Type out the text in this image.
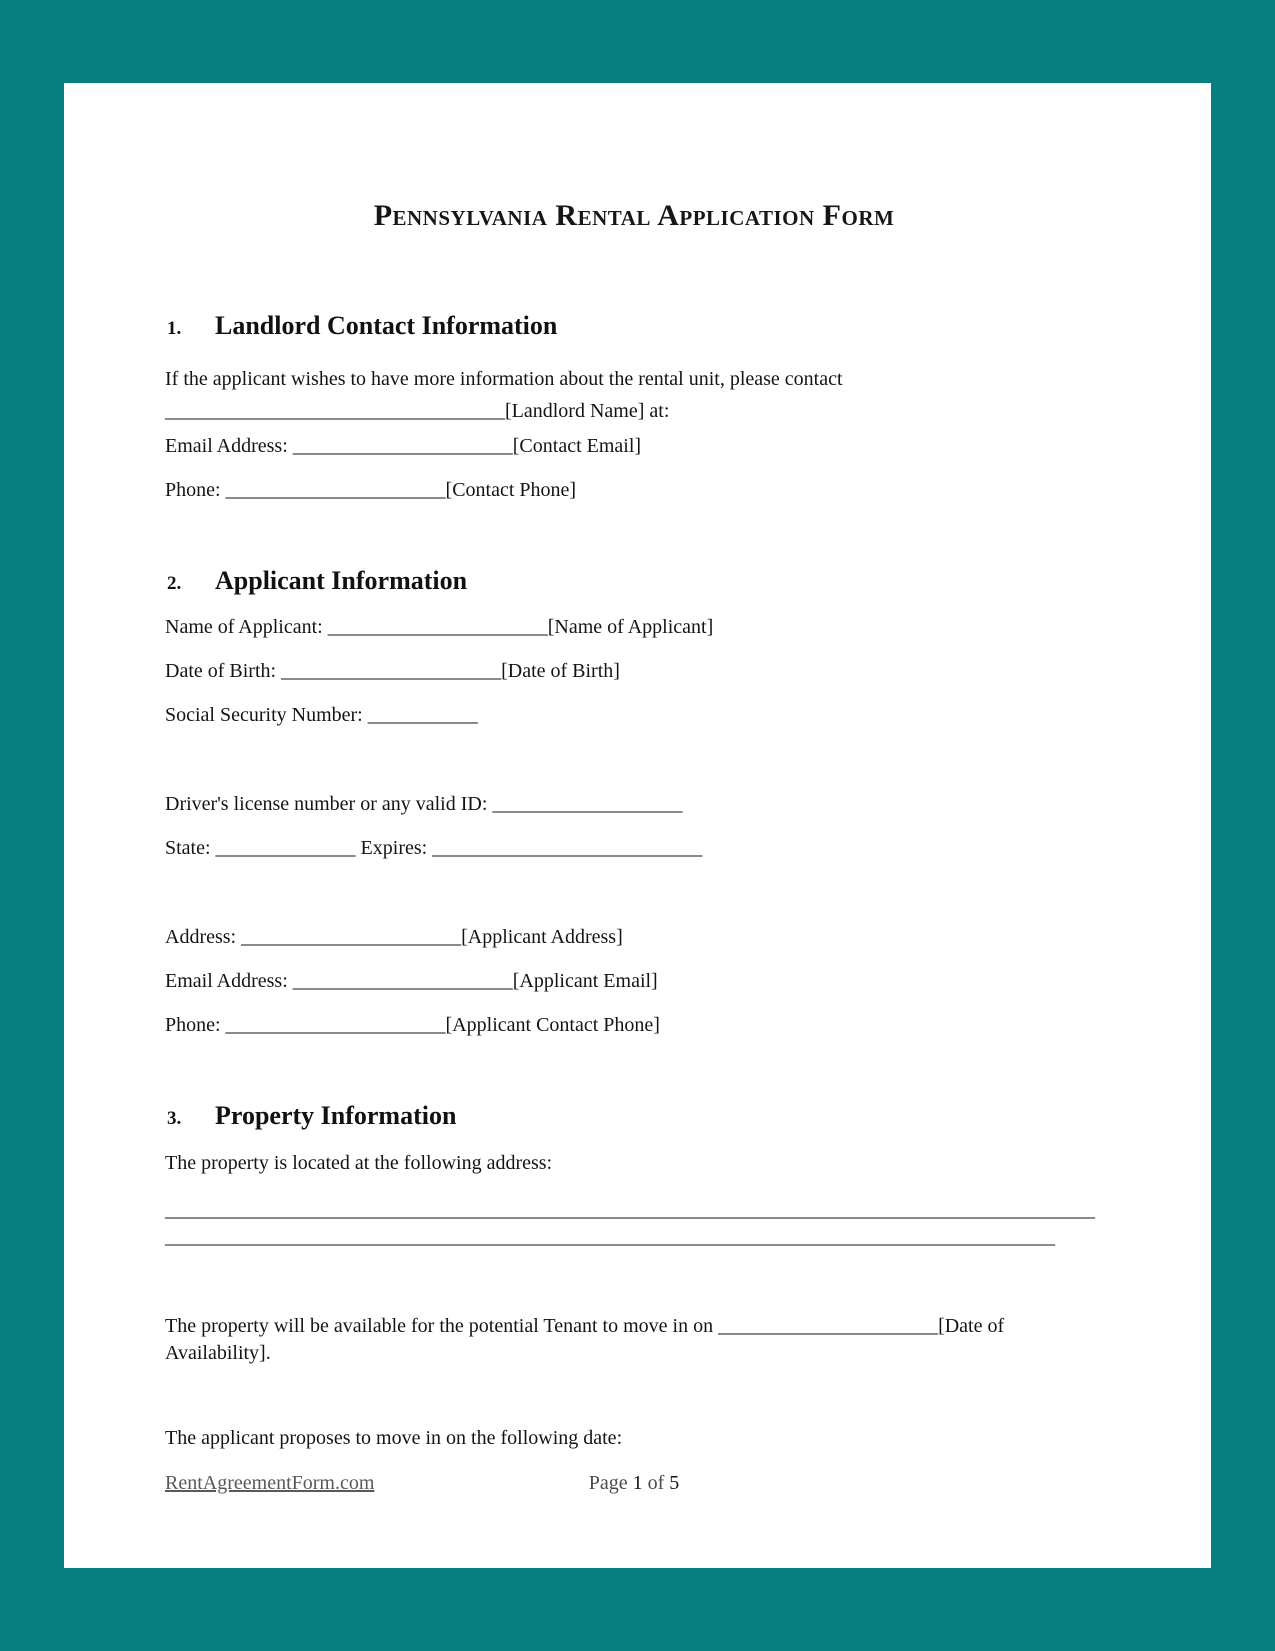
Pennsylvania Rental Application Form
1.	Landlord Contact Information

If the applicant wishes to have more information about the rental unit, please contact
__________________________________[Landlord Name] at:

Email Address: ______________________[Contact Email]

Phone: ______________________[Contact Phone]

2.	Applicant Information

Name of Applicant: ______________________[Name of Applicant]

Date of Birth: ______________________[Date of Birth]

Social Security Number: ___________

Driver's license number or any valid ID: ___________________

State: ______________ Expires: ___________________________

Address: ______________________[Applicant Address]

Email Address: ______________________[Applicant Email]

Phone: ______________________[Applicant Contact Phone]

3.	Property Information

The property is located at the following address:

_____________________________________________________________________________________________
_________________________________________________________________________________________

The property will be available for the potential Tenant to move in on ______________________[Date of
Availability].

The applicant proposes to move in on the following date:

RentAgreementForm.com	Page 1 of 5
